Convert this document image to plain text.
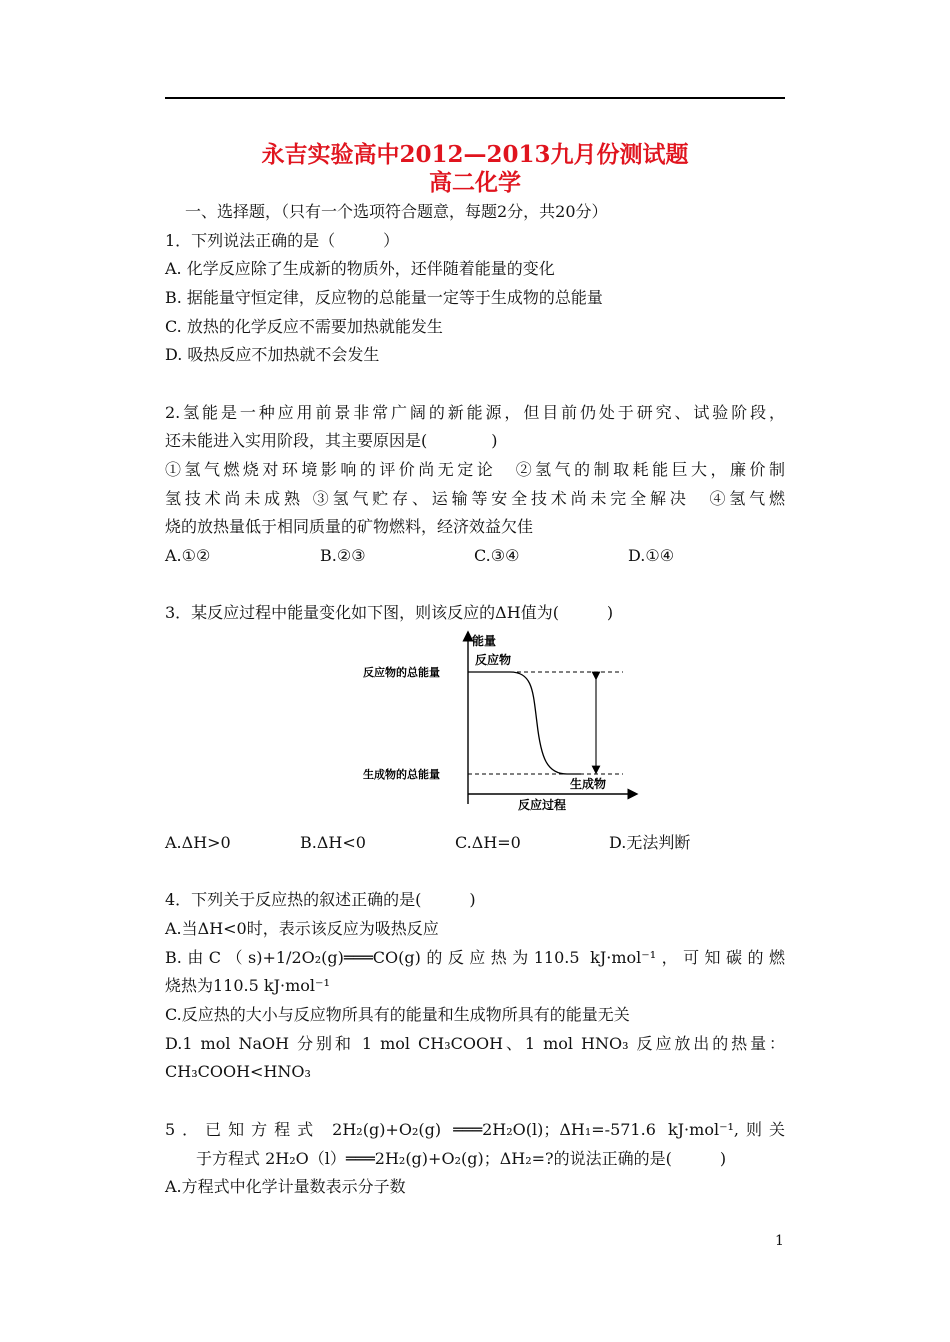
永吉实验高中2012—2013九月份测试题
高二化学
一、选择题，（只有一个选项符合题意，每题2分，共20分）
1．下列说法正确的是（　　　）
A. 化学反应除了生成新的物质外，还伴随着能量的变化
B. 据能量守恒定律，反应物的总能量一定等于生成物的总能量
C. 放热的化学反应不需要加热就能发生
D. 吸热反应不加热就不会发生
2.氢能是一种应用前景非常广阔的新能源，但目前仍处于研究、试验阶段，
还未能进入实用阶段，其主要原因是(　　　　)
①氢气燃烧对环境影响的评价尚无定论　②氢气的制取耗能巨大，廉价制
氢技术尚未成熟 ③氢气贮存、运输等安全技术尚未完全解决　④氢气燃
烧的放热量低于相同质量的矿物燃料，经济效益欠佳
A.①②	B.②③	C.③④	D.①④
3．某反应过程中能量变化如下图，则该反应的ΔH值为(　　　)
能量
反应物
反应物的总能量
生成物的总能量
生成物
反应过程
A.ΔH>0	B.ΔH<0	C.ΔH=0	D.无法判断
4．下列关于反应热的叙述正确的是(　　　)
A.当ΔH<0时，表示该反应为吸热反应
B.由C（s)+1/2O₂(g)═══CO(g)的反应热为110.5 kJ·mol⁻¹，可知碳的燃
烧热为110.5 kJ·mol⁻¹
C.反应热的大小与反应物所具有的能量和生成物所具有的能量无关
D.1 mol NaOH 分别和 1 mol CH₃COOH、1 mol HNO₃ 反应放出的热量：
CH₃COOH<HNO₃
5．已知方程式 2H₂(g)+O₂(g) ═══2H₂O(l)；ΔH₁=-571.6 kJ·mol⁻¹,则关
于方程式 2H₂O（l）═══2H₂(g)+O₂(g)；ΔH₂=?的说法正确的是(　　　)
A.方程式中化学计量数表示分子数
1
